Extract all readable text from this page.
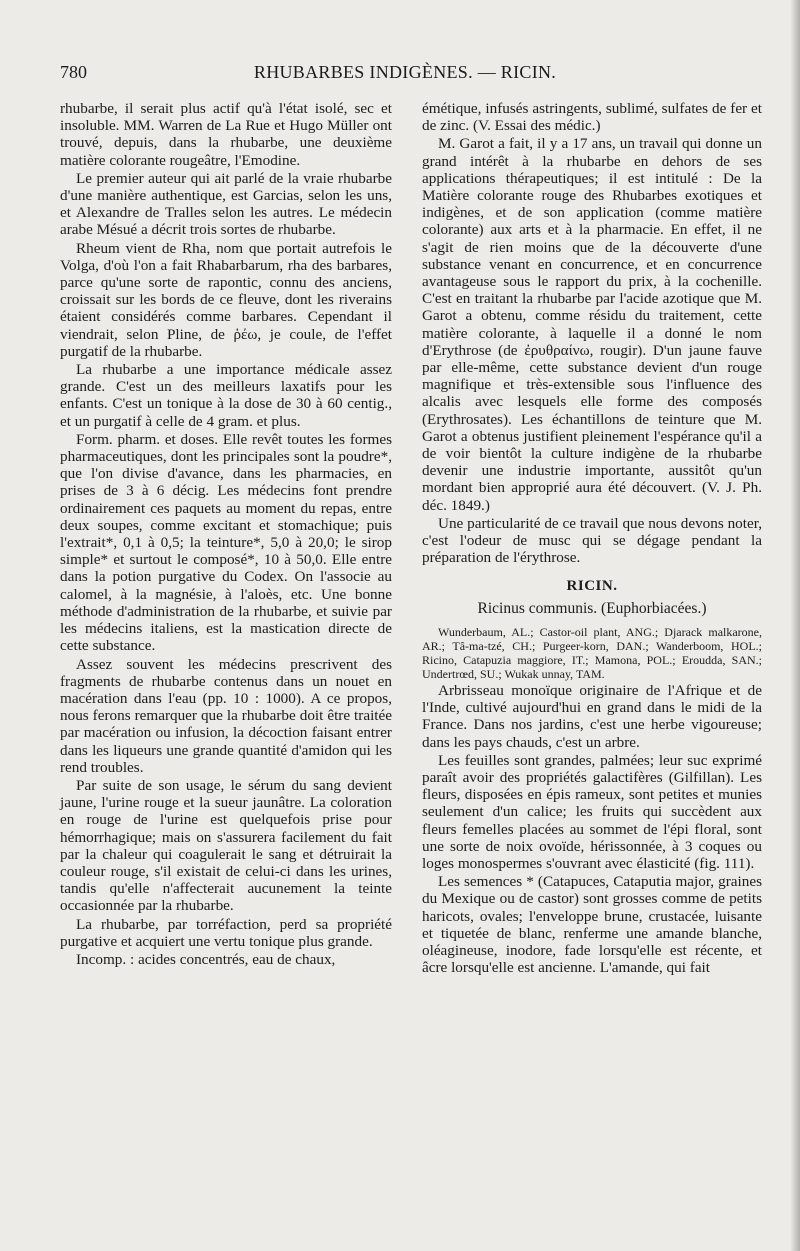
780	RHUBARBES INDIGÈNES. — RICIN.

rhubarbe, il serait plus actif qu'à l'état isolé, sec et insoluble. MM. Warren de La Rue et Hugo Müller ont trouvé, depuis, dans la rhubarbe, une deuxième matière colorante rougeâtre, l'Emodine.

Le premier auteur qui ait parlé de la vraie rhubarbe d'une manière authentique, est Garcias, selon les uns, et Alexandre de Tralles selon les autres. Le médecin arabe Mésué a décrit trois sortes de rhubarbe.

Rheum vient de Rha, nom que portait autrefois le Volga, d'où l'on a fait Rhabarbarum, rha des barbares, parce qu'une sorte de rapontic, connu des anciens, croissait sur les bords de ce fleuve, dont les riverains étaient considérés comme barbares. Cependant il viendrait, selon Pline, de ῥέω, je coule, de l'effet purgatif de la rhubarbe.

La rhubarbe a une importance médicale assez grande. C'est un des meilleurs laxatifs pour les enfants. C'est un tonique à la dose de 30 à 60 centig., et un purgatif à celle de 4 gram. et plus.

Form. pharm. et doses. Elle revêt toutes les formes pharmaceutiques, dont les principales sont la poudre*, que l'on divise d'avance, dans les pharmacies, en prises de 3 à 6 décig. Les médecins font prendre ordinairement ces paquets au moment du repas, entre deux soupes, comme excitant et stomachique; puis l'extrait*, 0,1 à 0,5; la teinture*, 5,0 à 20,0; le sirop simple* et surtout le composé*, 10 à 50,0. Elle entre dans la potion purgative du Codex. On l'associe au calomel, à la magnésie, à l'aloès, etc. Une bonne méthode d'administration de la rhubarbe, et suivie par les médecins italiens, est la mastication directe de cette substance.

Assez souvent les médecins prescrivent des fragments de rhubarbe contenus dans un nouet en macération dans l'eau (pp. 10 : 1000). A ce propos, nous ferons remarquer que la rhubarbe doit être traitée par macération ou infusion, la décoction faisant entrer dans les liqueurs une grande quantité d'amidon qui les rend troubles.

Par suite de son usage, le sérum du sang devient jaune, l'urine rouge et la sueur jaunâtre. La coloration en rouge de l'urine est quelquefois prise pour hémorrhagique; mais on s'assurera facilement du fait par la chaleur qui coagulerait le sang et détruirait la couleur rouge, s'il existait de celui-ci dans les urines, tandis qu'elle n'affecterait aucunement la teinte occasionnée par la rhubarbe.

La rhubarbe, par torréfaction, perd sa propriété purgative et acquiert une vertu tonique plus grande.

Incomp. : acides concentrés, eau de chaux,

émétique, infusés astringents, sublimé, sulfates de fer et de zinc. (V. Essai des médic.)

M. Garot a fait, il y a 17 ans, un travail qui donne un grand intérêt à la rhubarbe en dehors de ses applications thérapeutiques; il est intitulé : De la Matière colorante rouge des Rhubarbes exotiques et indigènes, et de son application (comme matière colorante) aux arts et à la pharmacie. En effet, il ne s'agit de rien moins que de la découverte d'une substance venant en concurrence, et en concurrence avantageuse sous le rapport du prix, à la cochenille. C'est en traitant la rhubarbe par l'acide azotique que M. Garot a obtenu, comme résidu du traitement, cette matière colorante, à laquelle il a donné le nom d'Erythrose (de ἐρυθραίνω, rougir). D'un jaune fauve par elle-même, cette substance devient d'un rouge magnifique et très-extensible sous l'influence des alcalis avec lesquels elle forme des composés (Erythrosates). Les échantillons de teinture que M. Garot a obtenus justifient pleinement l'espérance qu'il a de voir bientôt la culture indigène de la rhubarbe devenir une industrie importante, aussitôt qu'un mordant bien approprié aura été découvert. (V. J. Ph. déc. 1849.)

Une particularité de ce travail que nous devons noter, c'est l'odeur de musc qui se dégage pendant la préparation de l'érythrose.

RICIN.
Ricinus communis. (Euphorbiacées.)

Wunderbaum, AL.; Castor-oil plant, ANG.; Djarack malkarone, AR.; Tâ-ma-tzé, CH.; Purgeer-korn, DAN.; Wanderboom, HOL.; Ricino, Catapuzia maggiore, IT.; Mamona, POL.; Eroudda, SAN.; Undertrœd, SU.; Wukak unnay, TAM.

Arbrisseau monoïque originaire de l'Afrique et de l'Inde, cultivé aujourd'hui en grand dans le midi de la France. Dans nos jardins, c'est une herbe vigoureuse; dans les pays chauds, c'est un arbre.

Les feuilles sont grandes, palmées; leur suc exprimé paraît avoir des propriétés galactifères (Gilfillan). Les fleurs, disposées en épis rameux, sont petites et munies seulement d'un calice; les fruits qui succèdent aux fleurs femelles placées au sommet de l'épi floral, sont une sorte de noix ovoïde, hérissonnée, à 3 coques ou loges monospermes s'ouvrant avec élasticité (fig. 111).

Les semences * (Catapuces, Cataputia major, graines du Mexique ou de castor) sont grosses comme de petits haricots, ovales; l'enveloppe brune, crustacée, luisante et tiquetée de blanc, renferme une amande blanche, oléagineuse, inodore, fade lorsqu'elle est récente, et âcre lorsqu'elle est ancienne. L'amande, qui fait
